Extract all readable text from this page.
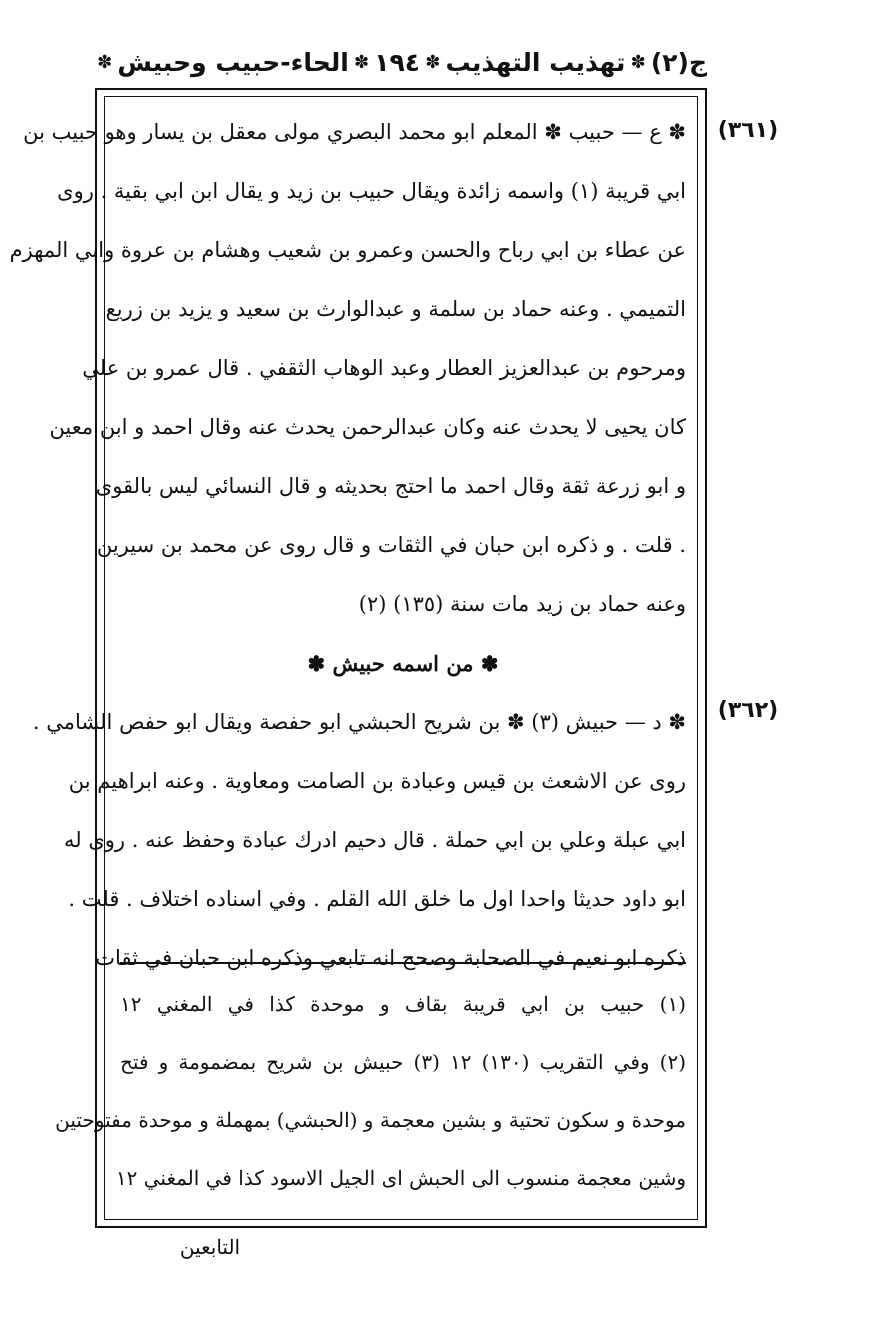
ج(٢)
✽
تهذيب التهذيب
✽
١٩٤
✽
الحاء-حبيب وحبيش
✽
(٣٦١)
(٣٦٢)
✽ ع — حبيب ✽ المعلم ابو محمد البصري مولى معقل بن يسار وهو حبيب بن
ابي قريبة (١) واسمه زائدة ويقال حبيب بن زيد و يقال ابن ابي بقية . روى
عن عطاء بن ابي رباح والحسن وعمرو بن شعيب وهشام بن عروة وابي المهزم
التميمي . وعنه حماد بن سلمة و عبدالوارث بن سعيد و يزيد بن زريع
ومرحوم بن عبدالعزيز العطار وعبد الوهاب الثقفي . قال عمرو بن علي
كان يحيى لا يحدث عنه وكان عبدالرحمن يحدث عنه وقال احمد و ابن معين
و ابو زرعة ثقة وقال احمد ما احتج بحديثه و قال النسائي ليس بالقوى
. قلت . و ذكره ابن حبان في الثقات و قال روى عن محمد بن سيرين
وعنه حماد بن زيد مات سنة (١٣٥) (٢)
✽ من اسمه حبيش ✽
✽ د — حبيش (٣) ✽ بن شريح الحبشي ابو حفصة ويقال ابو حفص الشامي .
روى عن الاشعث بن قيس وعبادة بن الصامت ومعاوية . وعنه ابراهيم بن
ابي عبلة وعلي بن ابي حملة . قال دحيم ادرك عبادة وحفظ عنه . روى له
ابو داود حديثا واحدا اول ما خلق الله القلم . وفي اسناده اختلاف . قلت .
ذكره ابو نعيم في الصحابة وصحح انه تابعي وذكره ابن حبان في ثقات
(١) حبيب بن ابي قريبة بقاف و موحدة كذا في المغني ١٢
(٢) وفي التقريب (١٣٠) ١٢ (٣) حبيش بن شريح بمضمومة و فتح
موحدة و سكون تحتية و بشين معجمة و (الحبشي) بمهملة و موحدة مفتوحتين
وشين معجمة منسوب الى الحبش اى الجيل الاسود كذا في المغني ١٢
التابعين
